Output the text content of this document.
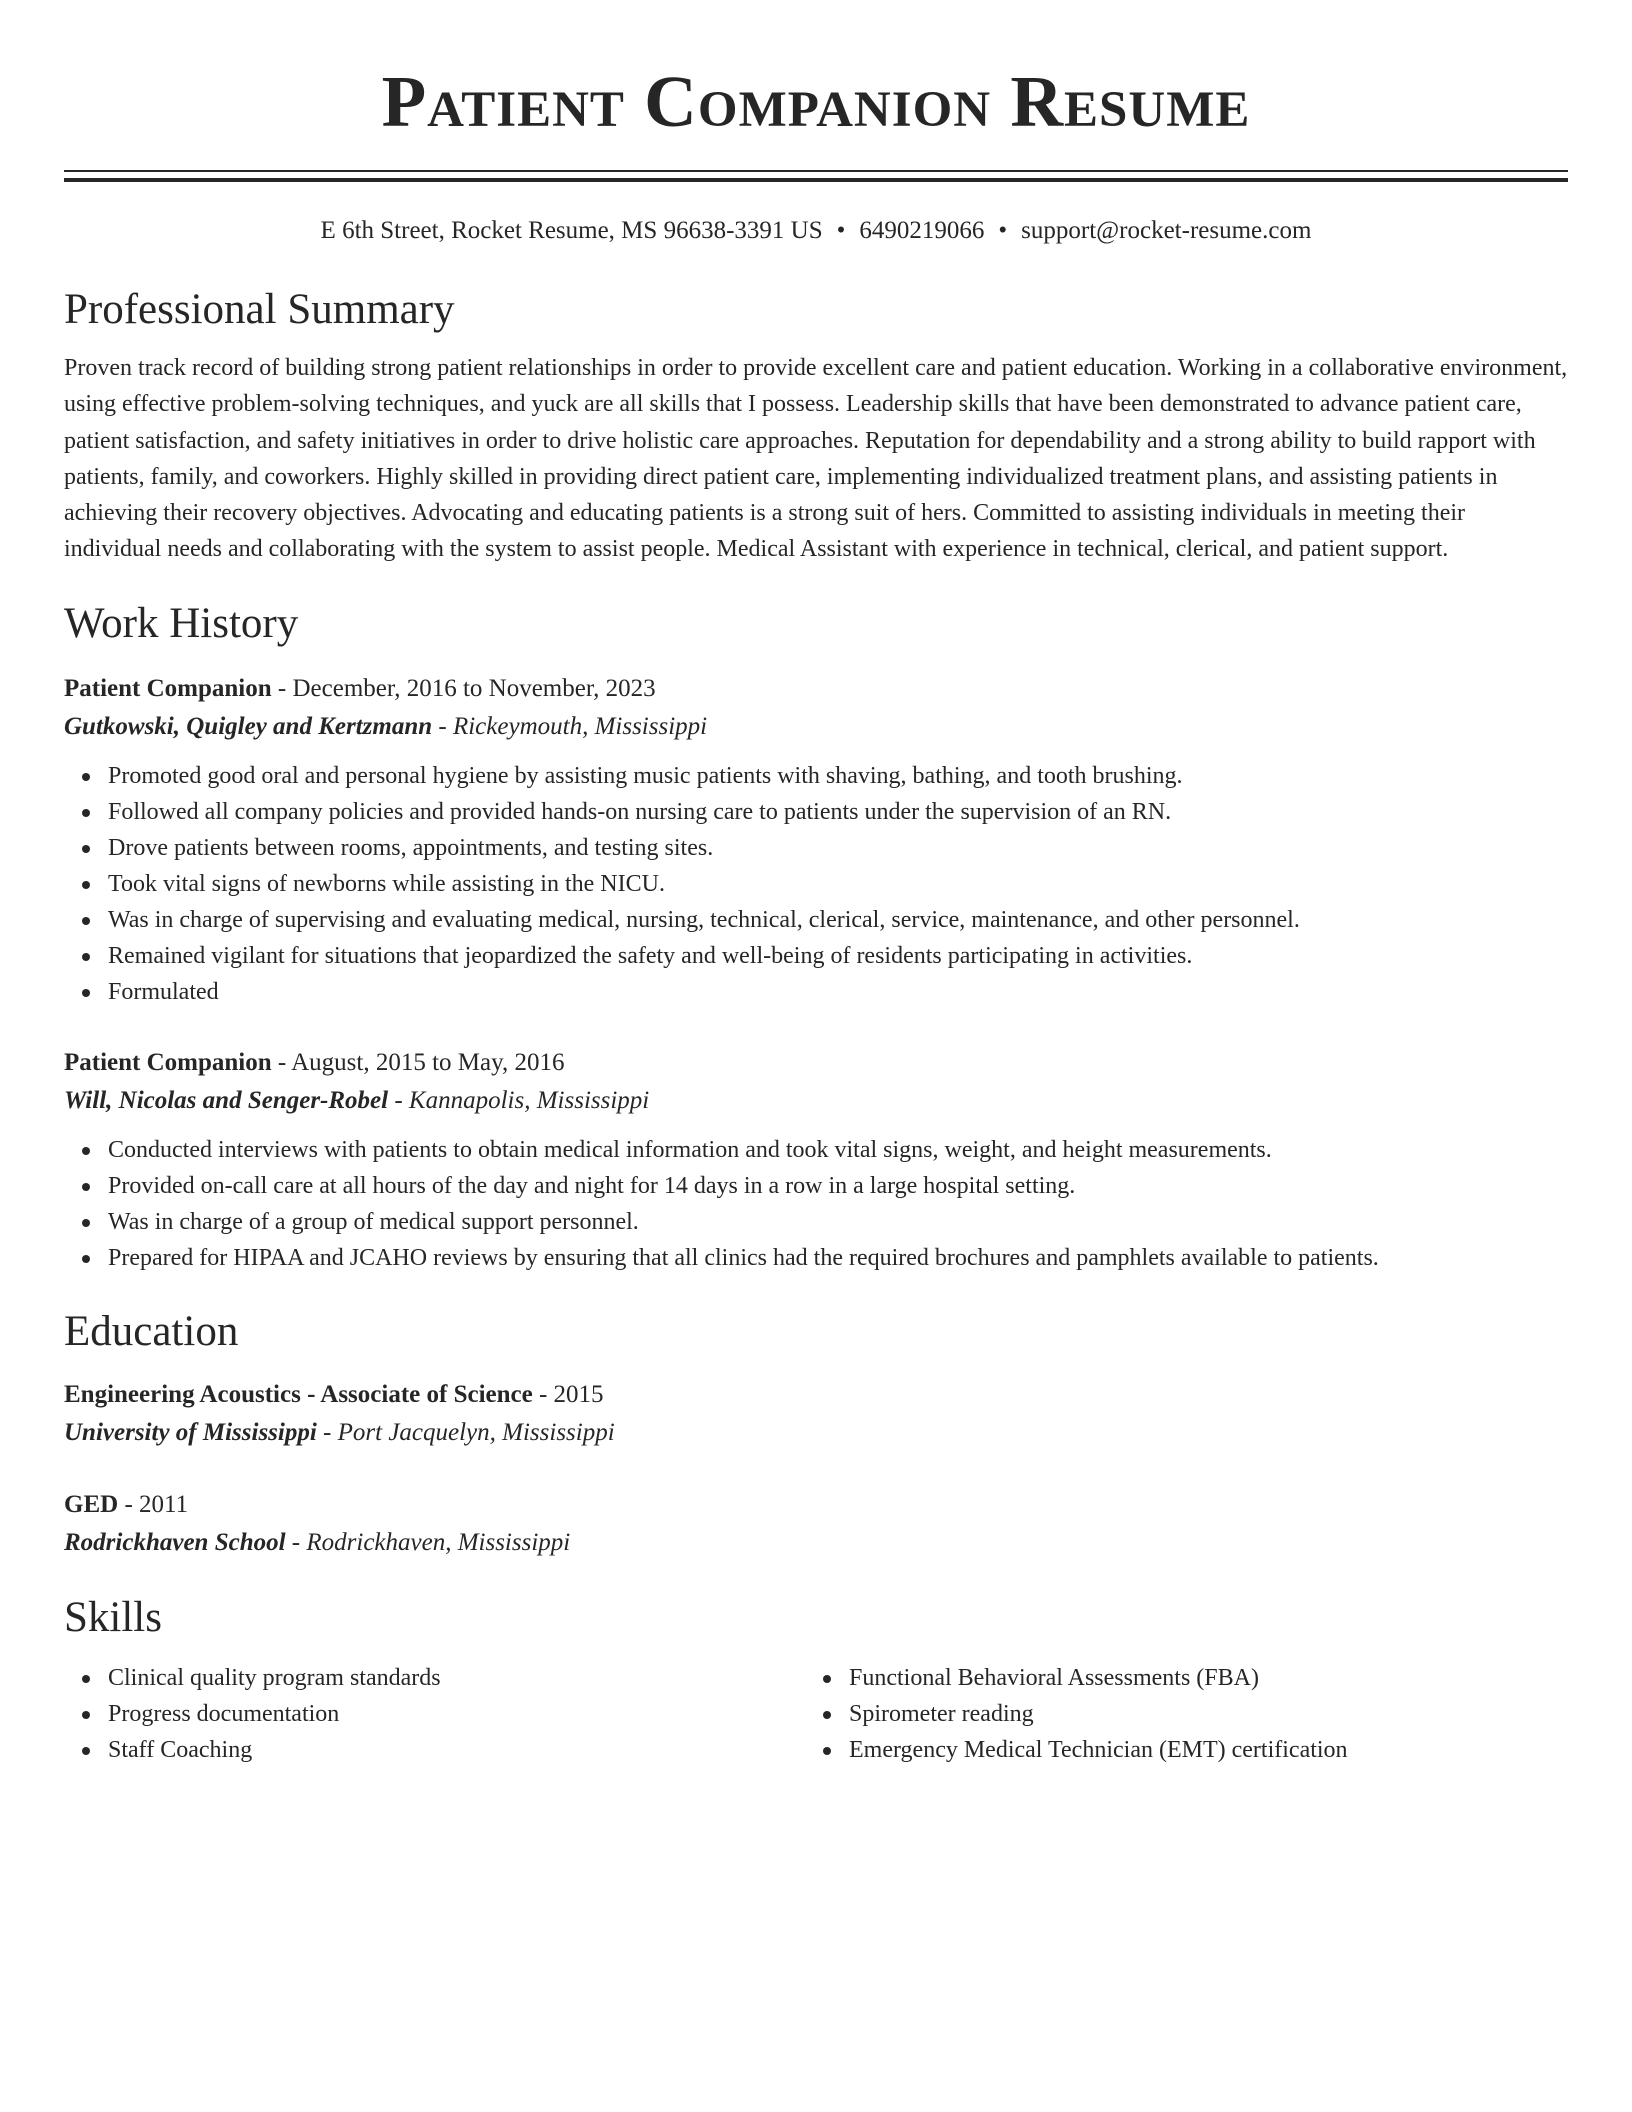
Patient Companion Resume
E 6th Street, Rocket Resume, MS 96638-3391 US • 6490219066 • support@rocket-resume.com
Professional Summary

Proven track record of building strong patient relationships in order to provide excellent care and patient education. Working in a collaborative environment, using effective problem-solving techniques, and yuck are all skills that I possess. Leadership skills that have been demonstrated to advance patient care, patient satisfaction, and safety initiatives in order to drive holistic care approaches. Reputation for dependability and a strong ability to build rapport with patients, family, and coworkers. Highly skilled in providing direct patient care, implementing individualized treatment plans, and assisting patients in achieving their recovery objectives. Advocating and educating patients is a strong suit of hers. Committed to assisting individuals in meeting their individual needs and collaborating with the system to assist people. Medical Assistant with experience in technical, clerical, and patient support.

Work History
Patient Companion - December, 2016 to November, 2023
Gutkowski, Quigley and Kertzmann - Rickeymouth, Mississippi
Promoted good oral and personal hygiene by assisting music patients with shaving, bathing, and tooth brushing.
Followed all company policies and provided hands-on nursing care to patients under the supervision of an RN.
Drove patients between rooms, appointments, and testing sites.
Took vital signs of newborns while assisting in the NICU.
Was in charge of supervising and evaluating medical, nursing, technical, clerical, service, maintenance, and other personnel.
Remained vigilant for situations that jeopardized the safety and well-being of residents participating in activities.
Formulated
Patient Companion - August, 2015 to May, 2016
Will, Nicolas and Senger-Robel - Kannapolis, Mississippi
Conducted interviews with patients to obtain medical information and took vital signs, weight, and height measurements.
Provided on-call care at all hours of the day and night for 14 days in a row in a large hospital setting.
Was in charge of a group of medical support personnel.
Prepared for HIPAA and JCAHO reviews by ensuring that all clinics had the required brochures and pamphlets available to patients.
Education
Engineering Acoustics - Associate of Science - 2015
University of Mississippi - Port Jacquelyn, Mississippi
GED - 2011
Rodrickhaven School - Rodrickhaven, Mississippi
Skills
Clinical quality program standards
Progress documentation
Staff Coaching
Functional Behavioral Assessments (FBA)
Spirometer reading
Emergency Medical Technician (EMT) certification
